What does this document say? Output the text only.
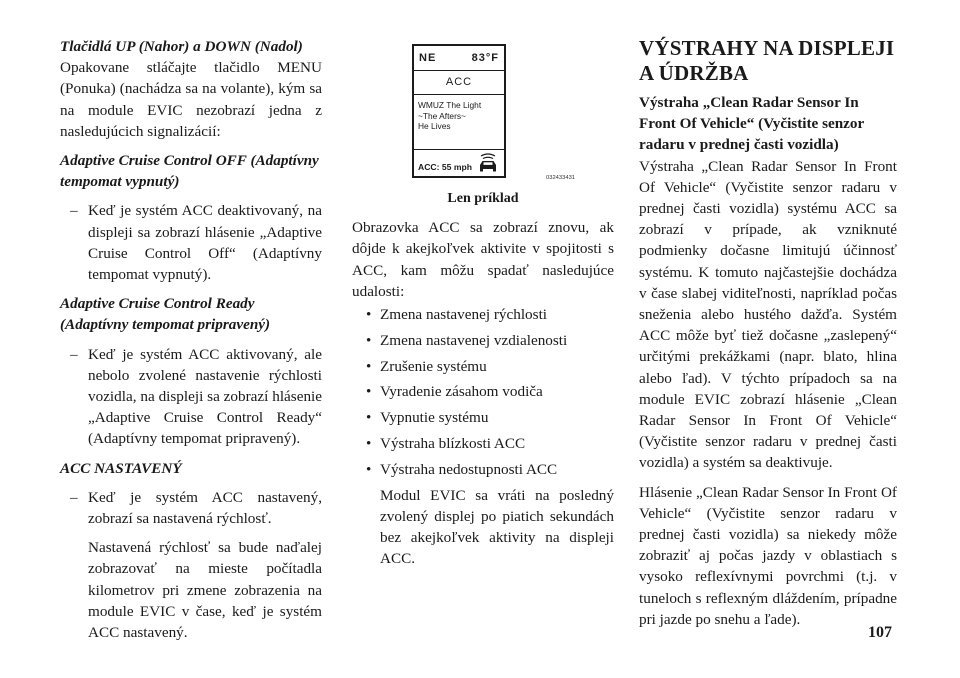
Tlačidlá UP (Nahor) a DOWN (Nadol)

Opakovane stláčajte tlačidlo MENU (Ponuka) (nachádza sa na volante), kým sa na module EVIC nezobrazí jedna z nasledujúcich signalizácií:

Adaptive Cruise Control OFF (Adaptívny tempomat vypnutý)

– Keď je systém ACC deaktivovaný, na displeji sa zobrazí hlásenie „Adaptive Cruise Control Off“ (Adaptívny tempomat vypnutý).

Adaptive Cruise Control Ready (Adaptívny tempomat pripravený)

– Keď je systém ACC aktivovaný, ale nebolo zvolené nastavenie rýchlosti vozidla, na displeji sa zobrazí hlásenie „Adaptive Cruise Control Ready“ (Adaptívny tempomat pripravený).

ACC NASTAVENÝ

– Keď je systém ACC nastavený, zobrazí sa nastavená rýchlosť.

Nastavená rýchlosť sa bude naďalej zobrazovať na mieste počítadla kilometrov pri zmene zobrazenia na module EVIC v čase, keď je systém ACC nastavený.

NE	83°F
ACC
WMUZ The Light
~The Afters~
He Lives
ACC: 55 mph
032433431
Len príklad

Obrazovka ACC sa zobrazí znovu, ak dôjde k akejkoľvek aktivite v spojitosti s ACC, kam môžu spadať nasledujúce udalosti:

• Zmena nastavenej rýchlosti
• Zmena nastavenej vzdialenosti
• Zrušenie systému
• Vyradenie zásahom vodiča
• Vypnutie systému
• Výstraha blízkosti ACC
• Výstraha nedostupnosti ACC

Modul EVIC sa vráti na posledný zvolený displej po piatich sekundách bez akejkoľvek aktivity na displeji ACC.

VÝSTRAHY NA DISPLEJI A ÚDRŽBA

Výstraha „Clean Radar Sensor In Front Of Vehicle“ (Vyčistite senzor radaru v prednej časti vozidla)

Výstraha „Clean Radar Sensor In Front Of Vehicle“ (Vyčistite senzor radaru v prednej časti vozidla) systému ACC sa zobrazí v prípade, ak vzniknuté podmienky dočasne limitujú účinnosť systému. K tomuto najčastejšie dochádza v čase slabej viditeľnosti, napríklad počas sneženia alebo hustého dažďa. Systém ACC môže byť tiež dočasne „zaslepený“ určitými prekážkami (napr. blato, hlina alebo ľad). V týchto prípadoch sa na module EVIC zobrazí hlásenie „Clean Radar Sensor In Front Of Vehicle“ (Vyčistite senzor radaru v prednej časti vozidla) a systém sa deaktivuje.

Hlásenie „Clean Radar Sensor In Front Of Vehicle“ (Vyčistite senzor radaru v prednej časti vozidla) sa niekedy môže zobraziť aj počas jazdy v oblastiach s vysoko reflexívnymi povrchmi (t.j. v tuneloch s reflexným dláždením, prípadne pri jazde po snehu a ľade).

107
